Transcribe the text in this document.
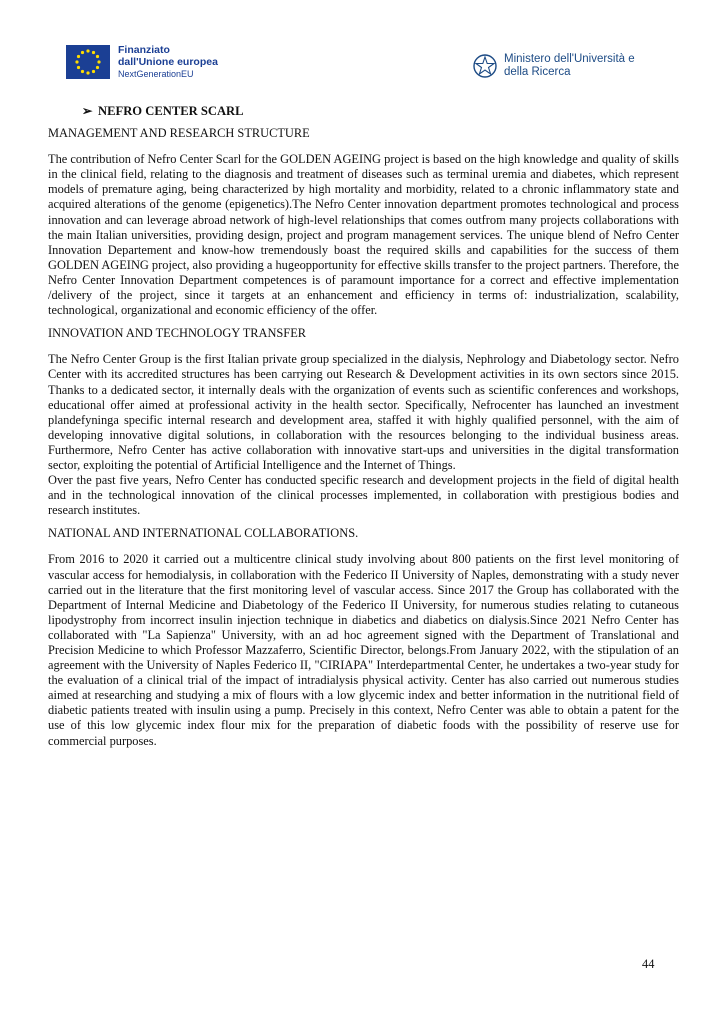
Finanziato
dall'Unione europea
NextGenerationEU
Ministero dell'Università e
della Ricerca

➢ NEFRO CENTER SCARL

MANAGEMENT AND RESEARCH STRUCTURE

The contribution of Nefro Center Scarl for the GOLDEN AGEING project is based on the high knowledge and quality of skills in the clinical field, relating to the diagnosis and treatment of diseases such as terminal uremia and diabetes, which represent models of premature aging, being characterized by high mortality and morbidity, related to a chronic inflammatory state and acquired alterations of the genome (epigenetics).The Nefro Center innovation department promotes technological and process innovation and can leverage abroad network of high-level relationships that comes outfrom many projects collaborations with the main Italian universities, providing design, project and program management services. The unique blend of Nefro Center Innovation Departement and know-how tremendously boast the required skills and capabilities for the success of them GOLDEN AGEING project, also providing a hugeopportunity for effective skills transfer to the project partners. Therefore, the Nefro Center Innovation Department competences is of paramount importance for a correct and effective implementation /delivery of the project, since it targets at an enhancement and efficiency in terms of: industrialization, scalability, technological, organizational and economic efficiency of the offer.

INNOVATION AND TECHNOLOGY TRANSFER

The Nefro Center Group is the first Italian private group specialized in the dialysis, Nephrology and Diabetology sector. Nefro Center with its accredited structures has been carrying out Research & Development activities in its own sectors since 2015. Thanks to a dedicated sector, it internally deals with the organization of events such as scientific conferences and workshops, educational offer aimed at professional activity in the health sector. Specifically, Nefrocenter has launched an investment plandefyninga specific internal research and development area, staffed it with highly qualified personnel, with the aim of developing innovative digital solutions, in collaboration with the resources belonging to the individual business areas. Furthermore, Nefro Center has active collaboration with innovative start-ups and universities in the digital transformation sector, exploiting the potential of Artificial Intelligence and the Internet of Things.

Over the past five years, Nefro Center has conducted specific research and development projects in the field of digital health and in the technological innovation of the clinical processes implemented, in collaboration with prestigious bodies and research institutes.

NATIONAL AND INTERNATIONAL COLLABORATIONS.

From 2016 to 2020 it carried out a multicentre clinical study involving about 800 patients on the first level monitoring of vascular access for hemodialysis, in collaboration with the Federico II University of Naples, demonstrating with a study never carried out in the literature that the first monitoring level of vascular access. Since 2017 the Group has collaborated with the Department of Internal Medicine and Diabetology of the Federico II University, for numerous studies relating to cutaneous lipodystrophy from incorrect insulin injection technique in diabetics and diabetics on dialysis.Since 2021 Nefro Center has collaborated with "La Sapienza" University, with an ad hoc agreement signed with the Department of Translational and Precision Medicine to which Professor Mazzaferro, Scientific Director, belongs.From January 2022, with the stipulation of an agreement with the University of Naples Federico II, "CIRIAPA" Interdepartmental Center, he undertakes a two-year study for the evaluation of a clinical trial of the impact of intradialysis physical activity. Center has also carried out numerous studies aimed at researching and studying a mix of flours with a low glycemic index and better information in the nutritional field of diabetic patients treated with insulin using a pump. Precisely in this context, Nefro Center was able to obtain a patent for the use of this low glycemic index flour mix for the preparation of diabetic foods with the possibility of reserve use for commercial purposes.

44
